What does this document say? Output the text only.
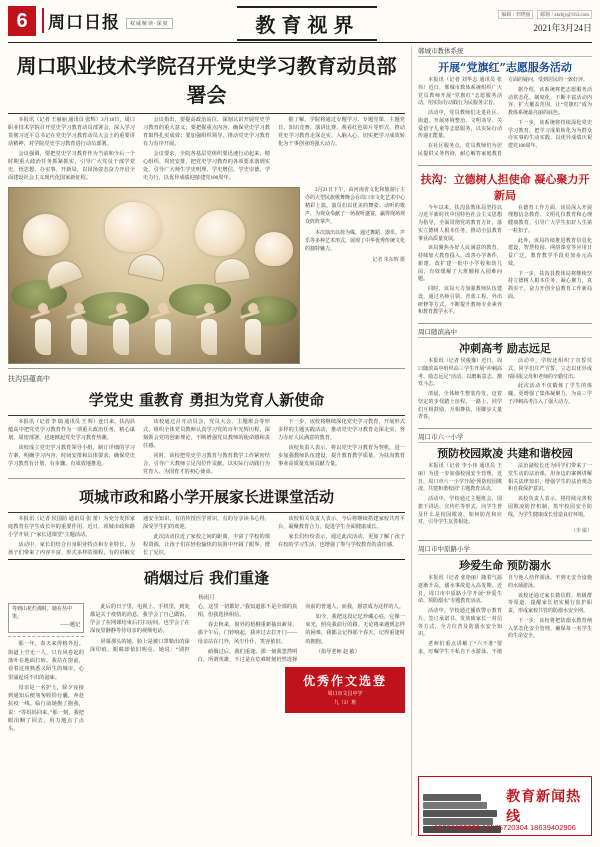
6	周口日报	权威解读·深度	教育视界	编辑 / 李晓丽	邮箱 / zkrbjy@163.com
2021年3月24日
周口职业技术学院召开党史学习教育动员部署会

本报讯（记者 王丽丽 通讯员 张辉）3月18日，周口职业技术学院召开党史学习教育动员部署会，深入学习贯彻习近平总书记在党史学习教育动员大会上的重要讲话精神，对学院党史学习教育进行动员部署。

会议强调，要把党史学习教育作为当前和今后一个时期重大政治任务抓紧抓实，引导广大党员干部学党史、悟思想、办实事、开新局，以昂扬姿态奋力开启全面建设社会主义现代化国家新征程。

会议指出，要提高政治站位，深刻认识开展党史学习教育的重大意义；要把握重点内容，确保党史学习教育取得扎实成效；要加强组织领导，推动党史学习教育有力有序开展。

会议要求，全院各基层党组织要迅速行动起来，精心组织、周密安排，把党史学习教育的各项要求落到实处，引导广大师生学史明理、学史增信、学史崇德、学史力行，以优异成绩迎接建党100周年。

据了解，学院将通过专题学习、专题党课、主题党日、知识竞赛、演讲比赛、观看红色影片等形式，推动党史学习教育走深走实、入脑入心，切实把学习成效转化为干事创业的强大动力。

3月21日下午，由河南省文化和旅游厅主办的大型民族歌舞晚会在周口市文化艺术中心精彩上演。演员们以优美的舞姿、动听的歌声，为观众奉献了一场视听盛宴，赢得现场观众阵阵掌声。

本次演出以荷为媒，通过舞蹈、器乐、声乐等多种艺术形式，展现了中华优秀传统文化的独特魅力。

记者 朱东辉 摄
扶沟县蕴高中
学党史 重教育 勇担为党育人新使命

本报讯（记者 李 瑞 通讯员 王 辉）连日来，扶沟县蕴高中把党史学习教育作为一项重大政治任务，精心谋划、周密部署，迅速掀起党史学习教育热潮。

该校成立党史学习教育领导小组，制订详细的学习方案，明确学习内容、时间安排和具体要求，确保党史学习教育有计划、有步骤、有成效地推进。

该校通过召开动员会、党员大会、主题班会等形式，组织全体党员教师认真学习党的百年光辉历程，深刻领会党的创新理论，不断增强党员教师的使命感和责任感。

同时，该校把党史学习教育与教育教学工作紧密结合，引导广大教师立足岗位作贡献，以实际行动践行为党育人、为国育才的初心使命。

下一步，该校将继续深化党史学习教育，开展形式多样的主题实践活动，推动党史学习教育走深走实，努力办好人民满意的教育。

该校负责人表示，将以党史学习教育为契机，进一步加强教师队伍建设，提升教育教学质量，为扶沟教育事业高质量发展贡献力量。

项城市政和路小学开展家长进课堂活动

本报讯（记者 侯国防 通讯员 张 蕾）为充分发挥家庭教育在学生成长中的重要作用，近日，项城市政和路小学开展了“家长进课堂”主题活动。

活动中，家长们结合自身职业特点和专业特长，为孩子们带来了内容丰富、形式多样的课程，有的讲解交通安全知识，有的传授医学常识，有的分享读书心得，深受学生们的欢迎。

此次活动拉近了家校之间的距离，丰富了学校的课程资源，让孩子们在轻松愉快的氛围中开阔了眼界、增长了见识。

该校相关负责人表示，今后将继续搭建家校共育平台，凝聚教育合力，促进学生全面健康成长。

家长们纷纷表示，通过此次活动，更加了解了孩子在校的学习生活，也增强了参与学校教育的责任感。

硝烟过后 我们重逢
杨雨月
等到山花烂漫时，她在丛中笑。
——题记

那一年，春天来得格外迟。街道上空无一人，只有风卷起的落叶在地面打转。我站在窗前，看着这座熟悉又陌生的城市，心里涌起说不出的滋味。

母亲是一名护士，除夕夜接到通知后便匆匆收拾行囊，奔赴抗疫一线。临行前她抱了抱我，说：“等妈妈回来。”那一刻，我把眼泪咽了回去，用力地点了点头。

此后的日子里，电视上、手机里，到处都是关于疫情的消息。我学会了自己做饭，学会了在网课结束后打扫房间，也学会了在深夜里静静等待母亲的视频电话。

屏幕那头的她，脸上是被口罩勒出的深深印痕，眼睛却依旧明亮。她说：“别担心，这里一切都好。”我知道那不是全部的真相，但我选择相信。

春去秋来，窗外的梧桐重新抽出新芽。那个午后，门铃响起，我冲过去打开门——母亲站在门外，风尘仆仆，笑容依旧。

硝烟过后，我们重逢。那一刻我忽然明白，所谓英雄，不过是在危难时刻仍然选择向前的普通人。而我，愿意成为这样的人。

如今，我把这段记忆珍藏心底，它像一束光，照亮我前行的路。无论将来遇到怎样的困难，我都会记得那个春天，记得重逢时的拥抱。

（指导老师 赵 敏）

优秀作文选登
周口市文昌中学
九（3）班
郸城市教体系统
开展“党旗红”志愿服务活动

本报讯（记者 刘华志 通讯员 张 伟）近日，郸城市教体系统组织广大党员教师开展“党旗红”志愿服务活动，用实际行动践行为民服务宗旨。

活动中，党员教师们走进社区、街道，开展环境整治、文明劝导、关爱留守儿童等志愿服务，以实际行动传递正能量。

在社区服务点，党员教师们为居民提供义务咨询，耐心解答家庭教育方面的疑问，受到居民的一致好评。

据介绍，该系统将把志愿服务活动常态化、制度化，不断丰富活动内容，扩大覆盖范围，让“党旗红”成为教体系统最亮丽的底色。

下一步，该系统将持续深化党史学习教育，把学习成果转化为为群众办实事的生动实践，以优异成绩庆祝建党100周年。

扶沟：立德树人担使命 凝心聚力开新局

今年以来，扶沟县教体局坚持以习近平新时代中国特色社会主义思想为指导，全面贯彻党的教育方针，落实立德树人根本任务，推动全县教育事业高质量发展。

该局聚焦办好人民满意的教育，持续加大教育投入，改善办学条件，新建、改扩建一批中小学校和幼儿园，有效缓解了大班额和入园难问题。

同时，该局大力加强教师队伍建设，通过名师引领、青蓝工程、外出研修等方式，不断提升教师专业素养和教育教学水平。

在德育工作方面，该局深入开展理想信念教育、文明礼仪教育和心理健康教育，引导广大学生扣好人生第一粒扣子。

此外，该局持续推进教育信息化建设，智慧校园、网络课堂等应用日益广泛，教育教学手段更加多元高效。

下一步，扶沟县教体局将继续坚持立德树人根本任务，凝心聚力，真抓实干，奋力开创全县教育工作新局面。

周口随滨高中
冲刺高考 励志远足

本报讯（记者 侯俊豫）近日，周口随滨高中组织高三学生开展“冲刺高考、励志远足”活动，以磨砺意志、激发斗志。

清晨，全体师生整装待发，迈着坚定的步伐踏上征程。一路上，同学们互相鼓励、互相搀扶，用脚步丈量青春。

活动中，学校还组织了宣誓仪式，同学们庄严宣誓，立志以优异成绩回报父母和老师的辛勤付出。

此次活动不仅锻炼了学生的体魄，更增强了集体凝聚力，为高三学子冲刺高考注入了强大动力。

周口市六一小学
预防校园欺凌 共建和谐校园

本报讯（记者 李小伟 通讯员 王 丽）为进一步加强校园安全管理，近日，周口市六一小学开展“预防校园欺凌、共建和谐校园”主题教育活动。

活动中，学校通过主题班会、国旗下讲话、宣传栏等形式，向学生普及什么是校园欺凌、如何防范和应对，引导学生友善相处。

法治副校长还为同学们带来了一堂生动的法治课，用身边的案例讲解相关法律知识，增强学生的法治观念和自我保护意识。

该校负责人表示，将持续完善校园欺凌防控机制，筑牢校园安全防线，为学生健康成长营造良好环境。

（李 敏）
周口市中原路小学
珍爱生命 预防溺水

本报讯（记者 张艳丽）随着气温逐渐升高，溺水事故进入高发期。近日，周口市中原路小学开展“珍爱生命、预防溺水”专题教育活动。

活动中，学校通过播放警示教育片、签订承诺书、发放致家长一封信等方式，全方位普及防溺水安全知识。

老师们重点讲解了“六不准”要求，叮嘱学生不私自下水游泳、不擅自与他人结伴游泳、不到无安全设施的水域游泳。

该校还通过家长微信群、班级群等渠道，提醒家长切实履行监护职责，形成家校共管的防溺水安全网。

下一步，该校将把防溺水教育纳入常态化安全管理，确保每一名学生的生命安全。

教育新闻热线
15290650696 13525720304 18639402906
